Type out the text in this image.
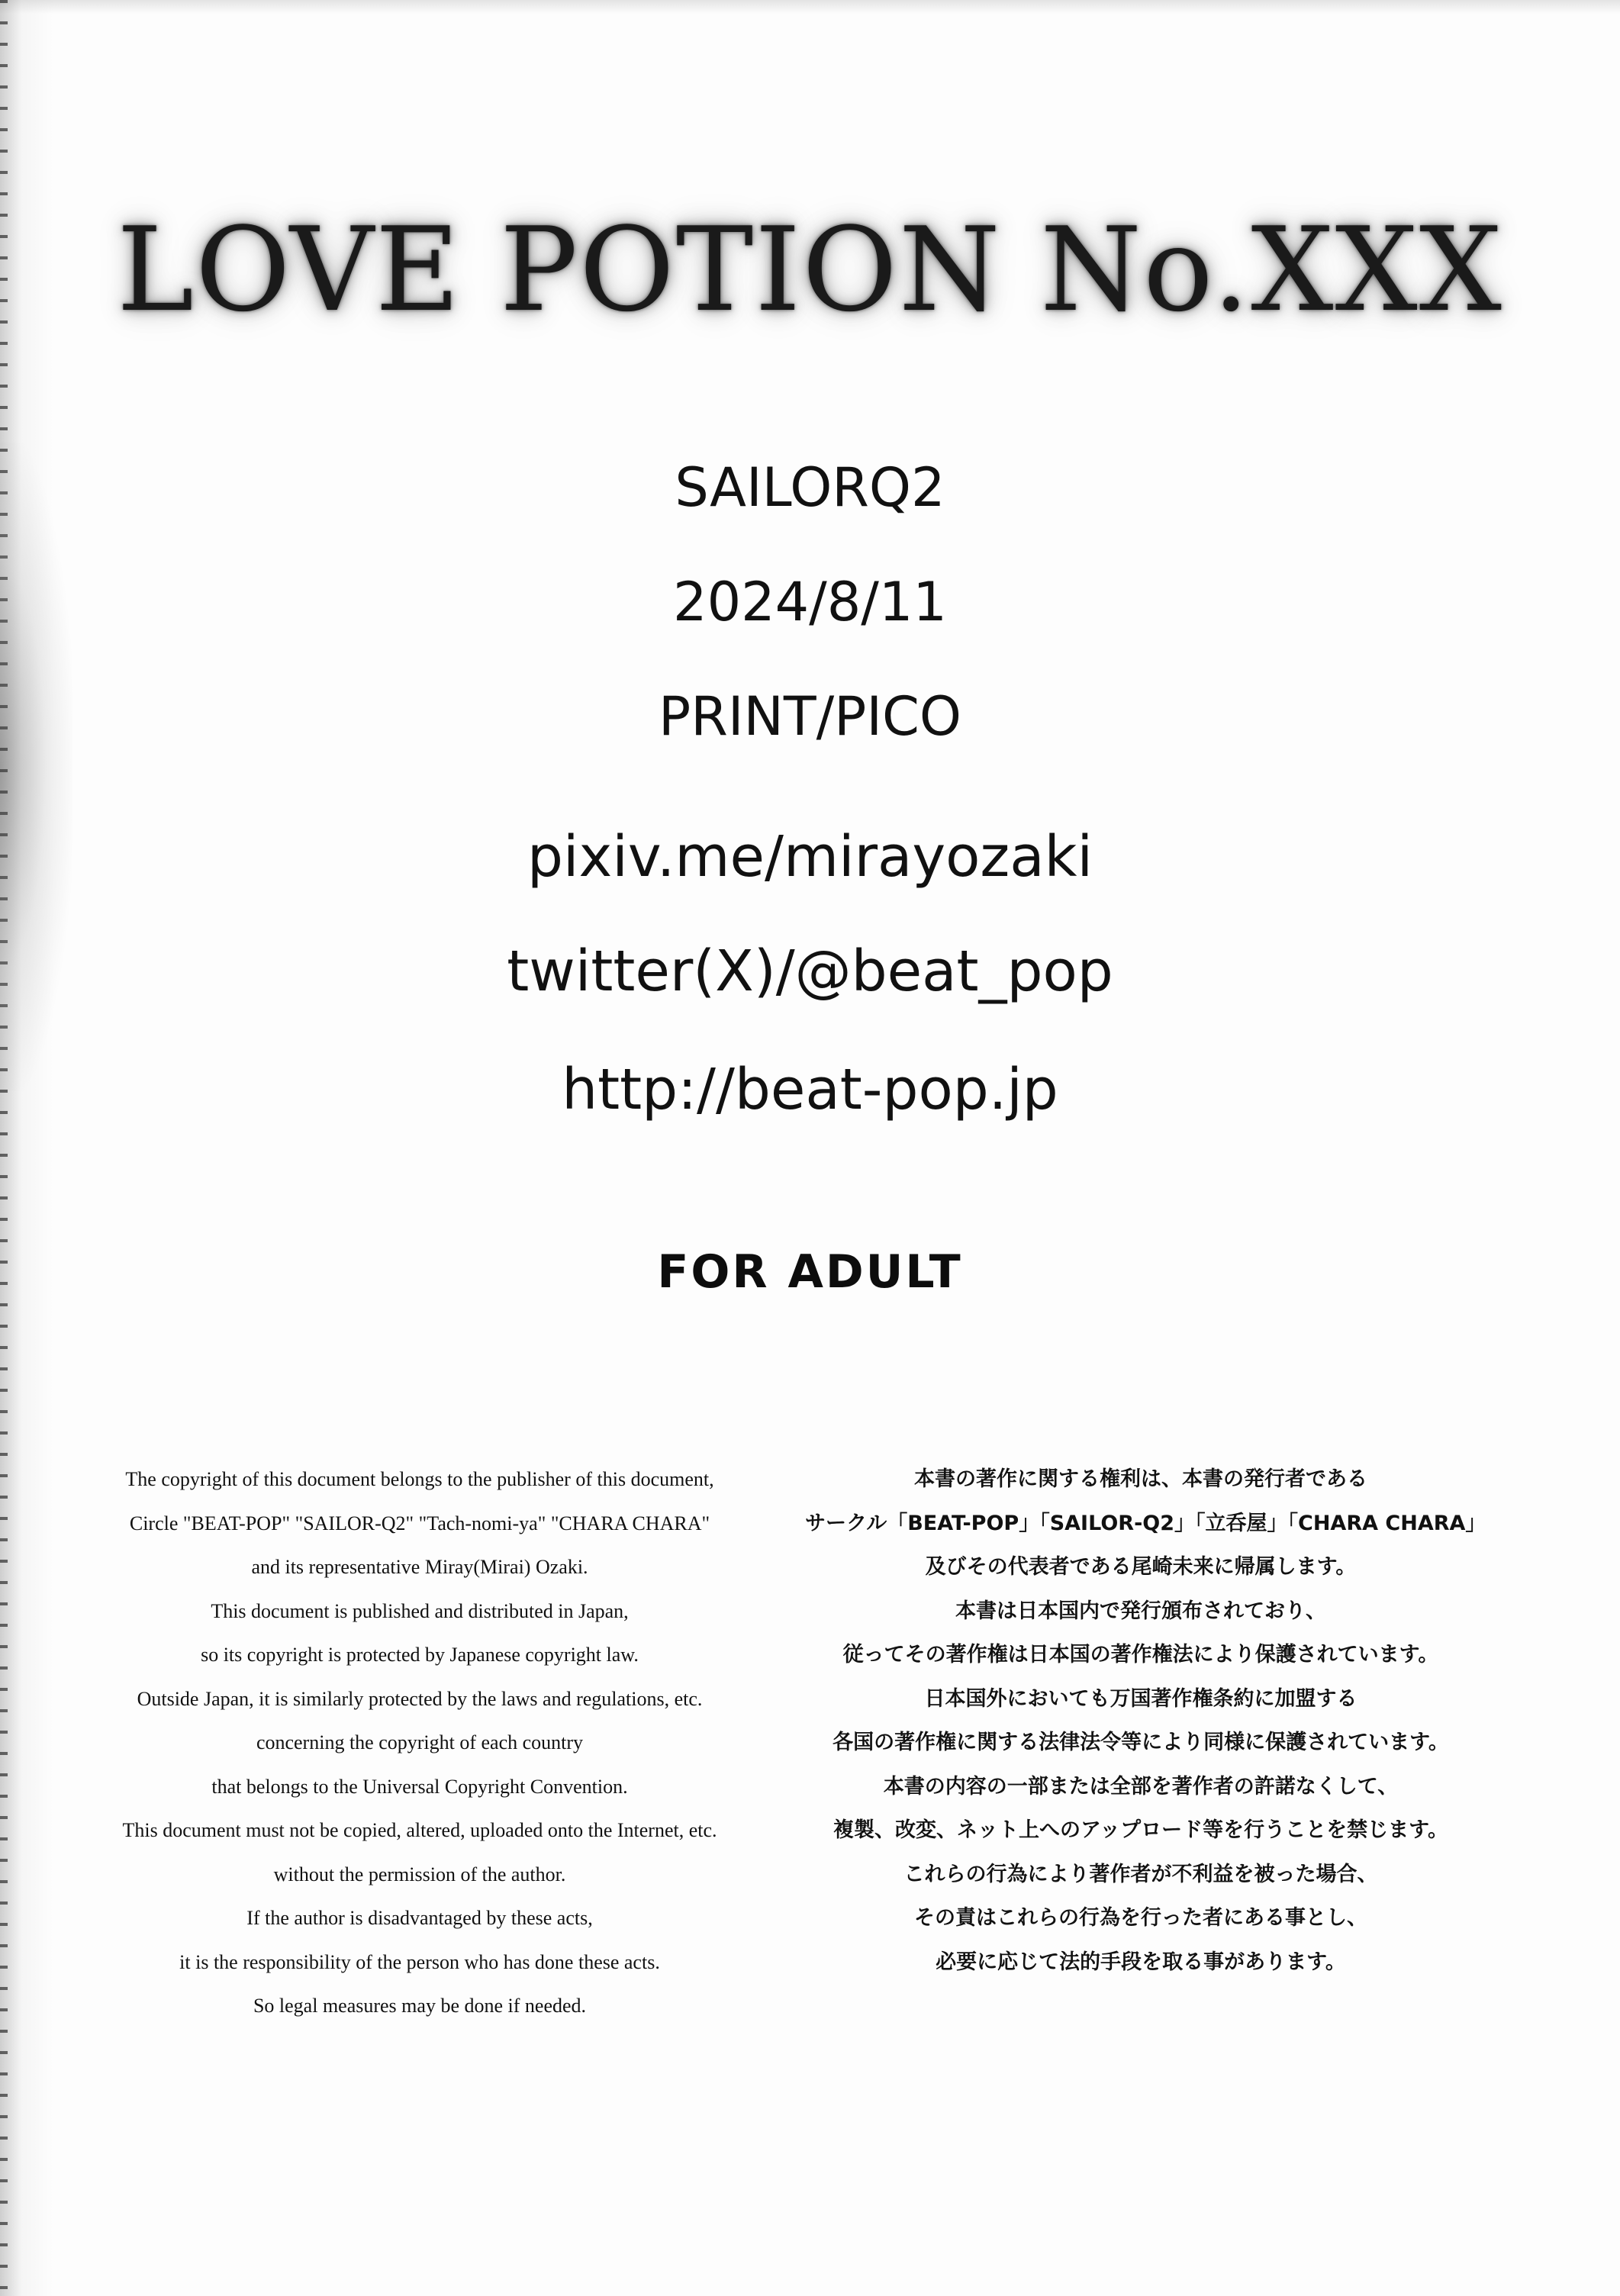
LOVE POTION No.XXX
SAILORQ2
2024/8/11
PRINT/PICO
pixiv.me/mirayozaki
twitter(X)/@beat_pop
http://beat-pop.jp
FOR ADULT
The copyright of this document belongs to the publisher of this document,
Circle "BEAT-POP" "SAILOR-Q2" "Tach-nomi-ya" "CHARA CHARA"
and its representative Miray(Mirai) Ozaki.
This document is published and distributed in Japan,
so its copyright is protected by Japanese copyright law.
Outside Japan, it is similarly protected by the laws and regulations, etc.
concerning the copyright of each country
that belongs to the Universal Copyright Convention.
This document must not be copied, altered, uploaded onto the Internet, etc.
without the permission of the author.
If the author is disadvantaged by these acts,
it is the responsibility of the person who has done these acts.
So legal measures may be done if needed.
本書の著作に関する権利は、本書の発行者である
サークル「BEAT-POP」「SAILOR-Q2」「立呑屋」「CHARA CHARA」
及びその代表者である尾崎未来に帰属します。
本書は日本国内で発行頒布されており、
従ってその著作権は日本国の著作権法により保護されています。
日本国外においても万国著作権条約に加盟する
各国の著作権に関する法律法令等により同様に保護されています。
本書の内容の一部または全部を著作者の許諾なくして、
複製、改変、ネット上へのアップロード等を行うことを禁じます。
これらの行為により著作者が不利益を被った場合、
その責はこれらの行為を行った者にある事とし、
必要に応じて法的手段を取る事があります。
